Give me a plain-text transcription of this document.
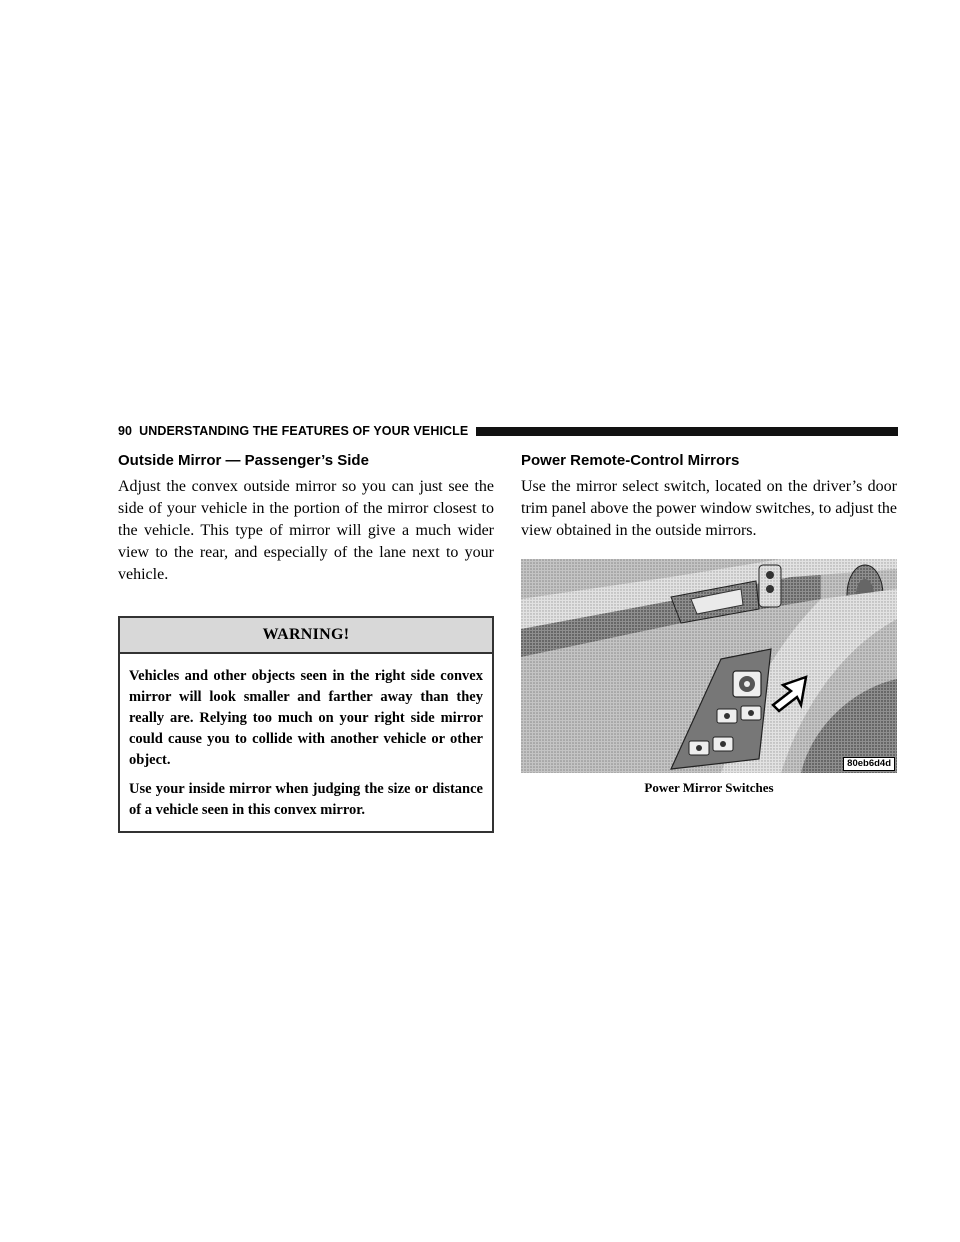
90 UNDERSTANDING THE FEATURES OF YOUR VEHICLE
Outside Mirror — Passenger’s Side

Adjust the convex outside mirror so you can just see the side of your vehicle in the portion of the mirror closest to the vehicle. This type of mirror will give a much wider view to the rear, and especially of the lane next to your vehicle.

WARNING!

Vehicles and other objects seen in the right side convex mirror will look smaller and farther away than they really are. Relying too much on your right side mirror could cause you to collide with another vehicle or other object.

Use your inside mirror when judging the size or distance of a vehicle seen in this convex mirror.

Power Remote-Control Mirrors

Use the mirror select switch, located on the driver’s door trim panel above the power window switches, to adjust the view obtained in the outside mirrors.

80eb6d4d
Power Mirror Switches
